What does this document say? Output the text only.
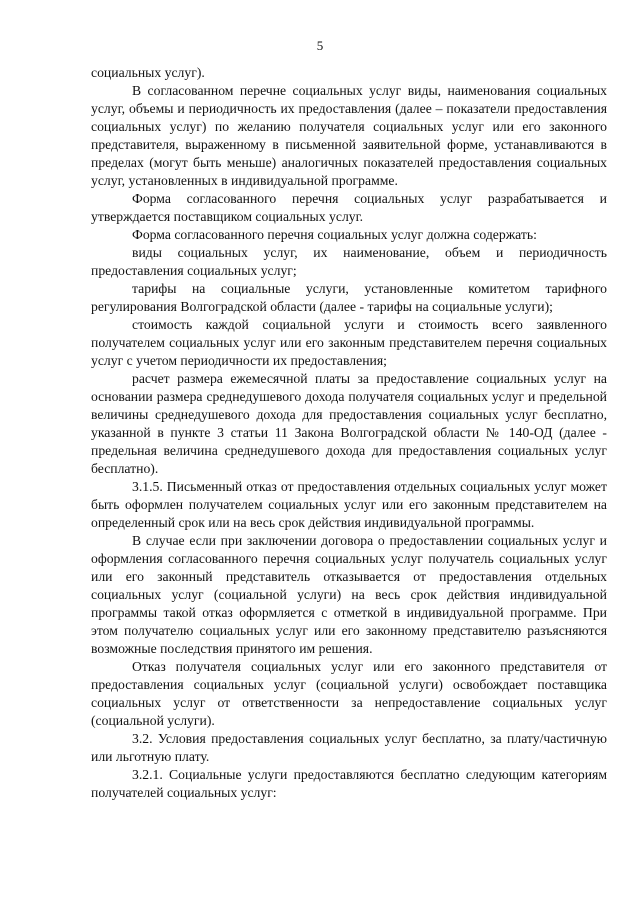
5

социальных услуг).

В согласованном перечне социальных услуг виды, наименования социальных услуг, объемы и периодичность их предоставления (далее – показатели предоставления социальных услуг) по желанию получателя социальных услуг или его законного представителя, выраженному в письменной заявительной форме, устанавливаются в пределах (могут быть меньше) аналогичных показателей предоставления социальных услуг, установленных в индивидуальной программе.

Форма согласованного перечня социальных услуг разрабатывается и утверждается поставщиком социальных услуг.

Форма согласованного перечня социальных услуг должна содержать:

виды социальных услуг, их наименование, объем и периодичность предоставления социальных услуг;

тарифы на социальные услуги, установленные комитетом тарифного регулирования Волгоградской области (далее - тарифы на социальные услуги);

стоимость каждой социальной услуги и стоимость всего заявленного получателем социальных услуг или его законным представителем перечня социальных услуг с учетом периодичности их предоставления;

расчет размера ежемесячной платы за предоставление социальных услуг на основании размера среднедушевого дохода получателя социальных услуг и предельной величины среднедушевого дохода для предоставления социальных услуг бесплатно, указанной в пункте 3 статьи 11 Закона Волгоградской области № 140-ОД (далее - предельная величина среднедушевого дохода для предоставления социальных услуг бесплатно).

3.1.5. Письменный отказ от предоставления отдельных социальных услуг может быть оформлен получателем социальных услуг или его законным представителем на определенный срок или на весь срок действия индивидуальной программы.

В случае если при заключении договора о предоставлении социальных услуг и оформления согласованного перечня социальных услуг получатель социальных услуг или его законный представитель отказывается от предоставления отдельных социальных услуг (социальной услуги) на весь срок действия индивидуальной программы такой отказ оформляется с отметкой в индивидуальной программе. При этом получателю социальных услуг или его законному представителю разъясняются возможные последствия принятого им решения.

Отказ получателя социальных услуг или его законного представителя от предоставления социальных услуг (социальной услуги) освобождает поставщика социальных услуг от ответственности за непредоставление социальных услуг (социальной услуги).

3.2. Условия предоставления социальных услуг бесплатно, за плату/частичную или льготную плату.

3.2.1. Социальные услуги предоставляются бесплатно следующим категориям получателей социальных услуг:
